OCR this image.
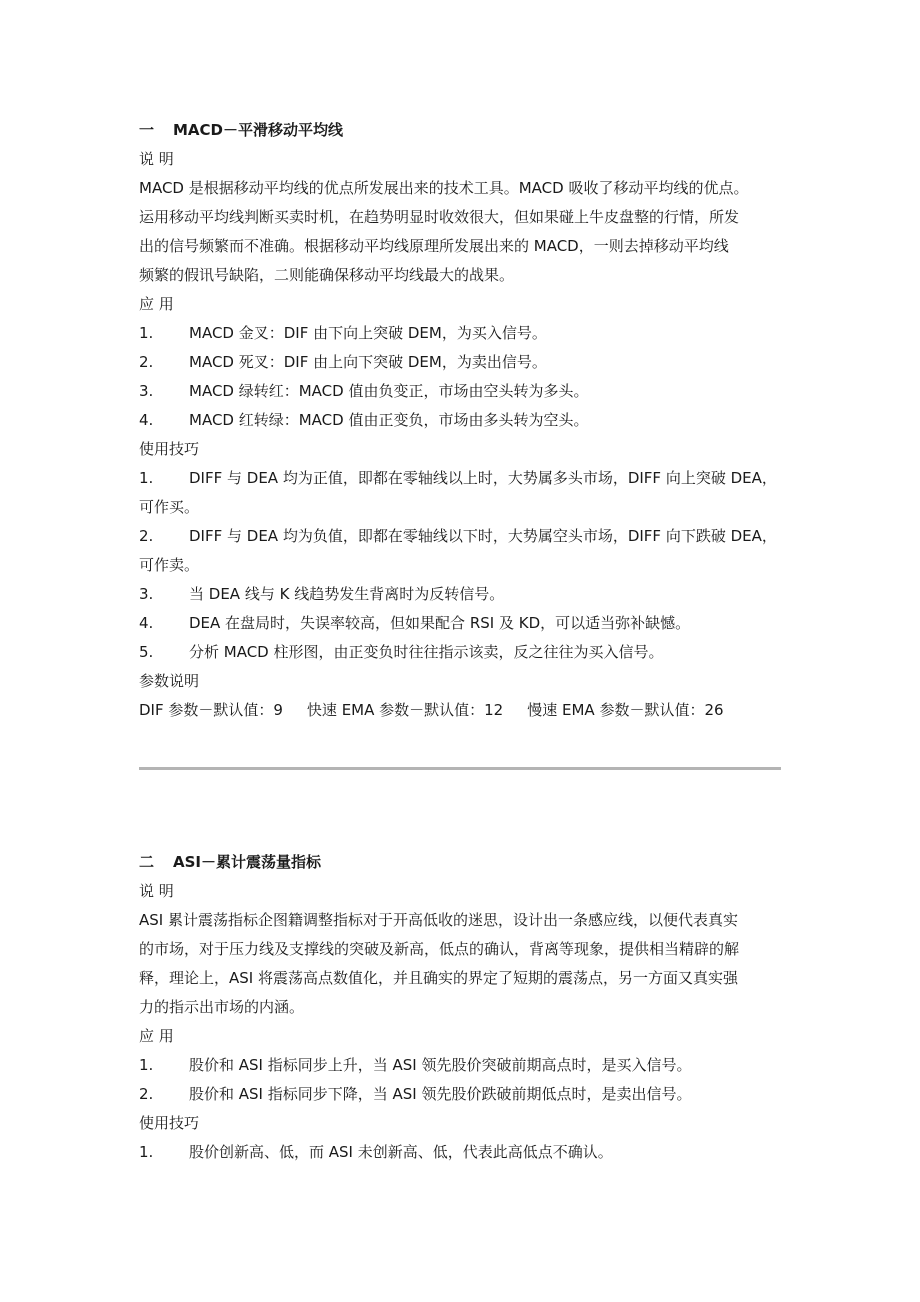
一 MACD－平滑移动平均线
说 明
MACD 是根据移动平均线的优点所发展出来的技术工具。MACD 吸收了移动平均线的优点。
运用移动平均线判断买卖时机，在趋势明显时收效很大，但如果碰上牛皮盘整的行情，所发
出的信号频繁而不准确。根据移动平均线原理所发展出来的 MACD，一则去掉移动平均线
频繁的假讯号缺陷，二则能确保移动平均线最大的战果。
应 用
1. MACD 金叉：DIF 由下向上突破 DEM，为买入信号。
2. MACD 死叉：DIF 由上向下突破 DEM，为卖出信号。
3. MACD 绿转红：MACD 值由负变正，市场由空头转为多头。
4. MACD 红转绿：MACD 值由正变负，市场由多头转为空头。
使用技巧
1. DIFF 与 DEA 均为正值，即都在零轴线以上时，大势属多头市场，DIFF 向上突破 DEA，
可作买。
2. DIFF 与 DEA 均为负值，即都在零轴线以下时，大势属空头市场，DIFF 向下跌破 DEA，
可作卖。
3. 当 DEA 线与 K 线趋势发生背离时为反转信号。
4. DEA 在盘局时，失误率较高，但如果配合 RSI 及 KD，可以适当弥补缺憾。
5. 分析 MACD 柱形图，由正变负时往往指示该卖，反之往往为买入信号。
参数说明
DIF 参数－默认值：9 快速 EMA 参数－默认值：12 慢速 EMA 参数－默认值：26
二 ASI－累计震荡量指标
说 明
ASI 累计震荡指标企图籍调整指标对于开高低收的迷思，设计出一条感应线，以便代表真实
的市场，对于压力线及支撑线的突破及新高，低点的确认，背离等现象，提供相当精辟的解
释，理论上，ASI 将震荡高点数值化，并且确实的界定了短期的震荡点，另一方面又真实强
力的指示出市场的内涵。
应 用
1. 股价和 ASI 指标同步上升，当 ASI 领先股价突破前期高点时，是买入信号。
2. 股价和 ASI 指标同步下降，当 ASI 领先股价跌破前期低点时，是卖出信号。
使用技巧
1. 股价创新高、低，而 ASI 未创新高、低，代表此高低点不确认。
